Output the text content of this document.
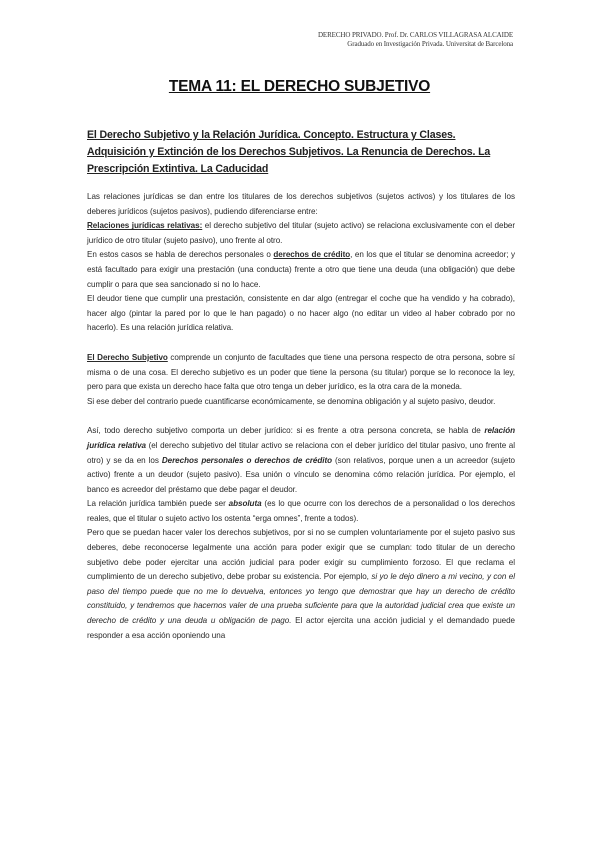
DERECHO PRIVADO. Prof. Dr. CARLOS VILLAGRASA ALCAIDE
Graduado en Investigación Privada. Universitat de Barcelona
TEMA 11: EL DERECHO SUBJETIVO
El Derecho Subjetivo y la Relación Jurídica. Concepto. Estructura y Clases. Adquisición y Extinción de los Derechos Subjetivos. La Renuncia de Derechos. La Prescripción Extintiva. La Caducidad

Las relaciones jurídicas se dan entre los titulares de los derechos subjetivos (sujetos activos) y los titulares de los deberes jurídicos (sujetos pasivos), pudiendo diferenciarse entre:

Relaciones jurídicas relativas: el derecho subjetivo del titular (sujeto activo) se relaciona exclusivamente con el deber jurídico de otro titular (sujeto pasivo), uno frente al otro.

En estos casos se habla de derechos personales o derechos de crédito, en los que el titular se denomina acreedor; y está facultado para exigir una prestación (una conducta) frente a otro que tiene una deuda (una obligación) que debe cumplir o para que sea sancionado si no lo hace.

El deudor tiene que cumplir una prestación, consistente en dar algo (entregar el coche que ha vendido y ha cobrado), hacer algo (pintar la pared por lo que le han pagado) o no hacer algo (no editar un video al haber cobrado por no hacerlo). Es una relación jurídica relativa.

El Derecho Subjetivo comprende un conjunto de facultades que tiene una persona respecto de otra persona, sobre sí misma o de una cosa. El derecho subjetivo es un poder que tiene la persona (su titular) porque se lo reconoce la ley, pero para que exista un derecho hace falta que otro tenga un deber jurídico, es la otra cara de la moneda.

Si ese deber del contrario puede cuantificarse económicamente, se denomina obligación y al sujeto pasivo, deudor.

Así, todo derecho subjetivo comporta un deber jurídico: si es frente a otra persona concreta, se habla de relación jurídica relativa (el derecho subjetivo del titular activo se relaciona con el deber jurídico del titular pasivo, uno frente al otro) y se da en los Derechos personales o derechos de crédito (son relativos, porque unen a un acreedor (sujeto activo) frente a un deudor (sujeto pasivo). Esa unión o vínculo se denomina cómo relación jurídica. Por ejemplo, el banco es acreedor del préstamo que debe pagar el deudor.

La relación jurídica también puede ser absoluta (es lo que ocurre con los derechos de a personalidad o los derechos reales, que el titular o sujeto activo los ostenta “erga omnes”, frente a todos).

Pero que se puedan hacer valer los derechos subjetivos, por si no se cumplen voluntariamente por el sujeto pasivo sus deberes, debe reconocerse legalmente una acción para poder exigir que se cumplan: todo titular de un derecho subjetivo debe poder ejercitar una acción judicial para poder exigir su cumplimiento forzoso. El que reclama el cumplimiento de un derecho subjetivo, debe probar su existencia. Por ejemplo, si yo le dejo dinero a mi vecino, y con el paso del tiempo puede que no me lo devuelva, entonces yo tengo que demostrar que hay un derecho de crédito constituido, y tendremos que hacernos valer de una prueba suficiente para que la autoridad judicial crea que existe un derecho de crédito y una deuda u obligación de pago. El actor ejercita una acción judicial y el demandado puede responder a esa acción oponiendo una
